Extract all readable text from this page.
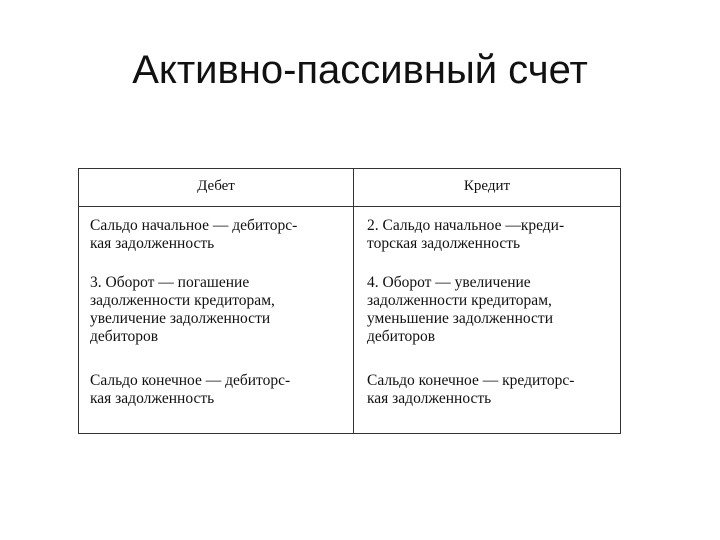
Активно-пассивный счет
Дебет	Кредит
Сальдо начальное — дебиторс-
кая задолженность
3. Оборот — погашение
задолженности кредиторам,
увеличение задолженности
дебиторов
Сальдо конечное — дебиторс-
кая задолженность
2. Сальдо начальное —креди-
торская задолженность
4. Оборот — увеличение
задолженности кредиторам,
уменьшение задолженности
дебиторов
Сальдо конечное — кредиторс-
кая задолженность
